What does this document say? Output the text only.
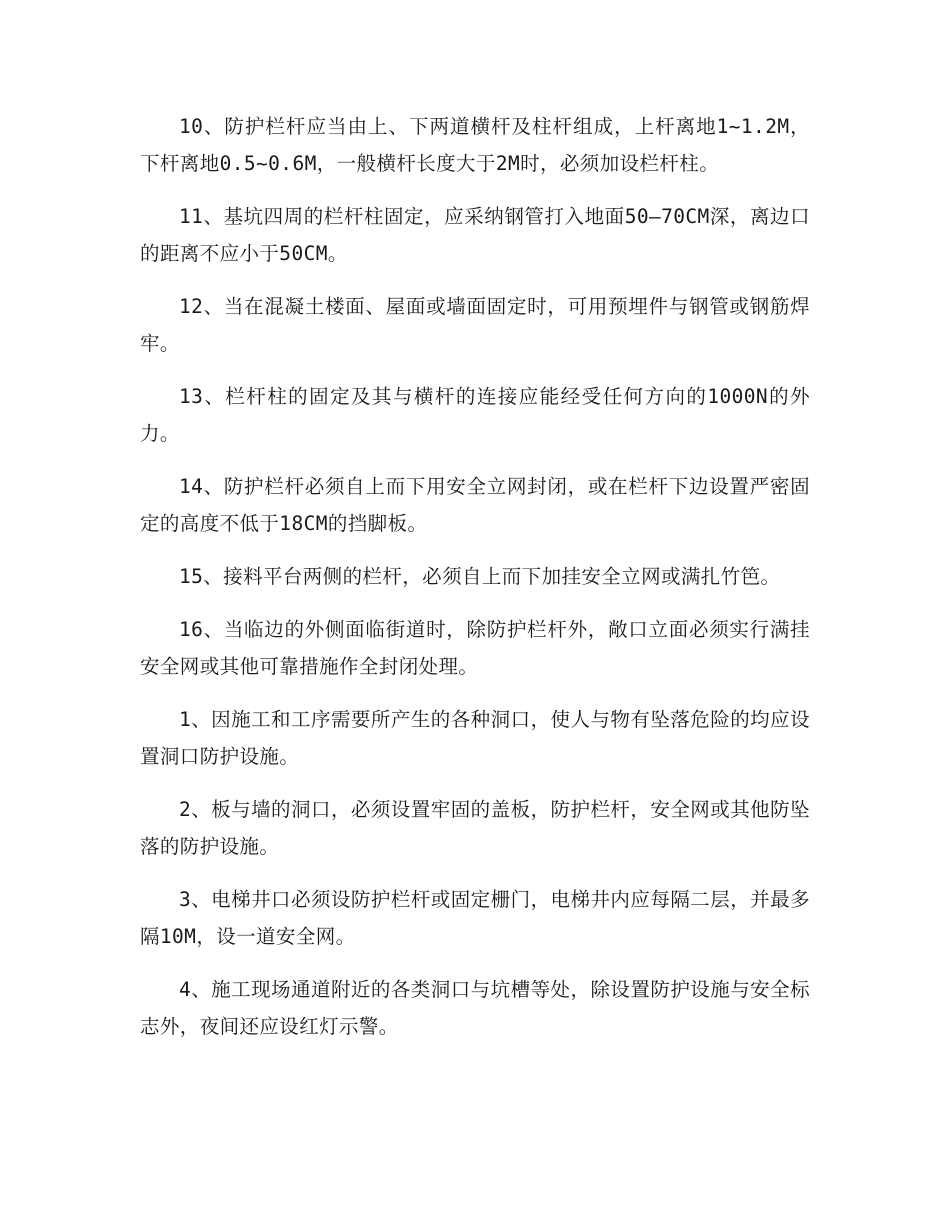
10、防护栏杆应当由上、下两道横杆及柱杆组成，上杆离地1~1.2M，下杆离地0.5~0.6M，一般横杆长度大于2M时，必须加设栏杆柱。

11、基坑四周的栏杆柱固定，应采纳钢管打入地面50—70CM深，离边口的距离不应小于50CM。

12、当在混凝土楼面、屋面或墙面固定时，可用预埋件与钢管或钢筋焊牢。

13、栏杆柱的固定及其与横杆的连接应能经受任何方向的1000N的外力。

14、防护栏杆必须自上而下用安全立网封闭，或在栏杆下边设置严密固定的高度不低于18CM的挡脚板。

15、接料平台两侧的栏杆，必须自上而下加挂安全立网或满扎竹笆。

16、当临边的外侧面临街道时，除防护栏杆外，敞口立面必须实行满挂安全网或其他可靠措施作全封闭处理。

1、因施工和工序需要所产生的各种洞口，使人与物有坠落危险的均应设置洞口防护设施。

2、板与墙的洞口，必须设置牢固的盖板，防护栏杆，安全网或其他防坠落的防护设施。

3、电梯井口必须设防护栏杆或固定栅门，电梯井内应每隔二层，并最多隔10M，设一道安全网。

4、施工现场通道附近的各类洞口与坑槽等处，除设置防护设施与安全标志外，夜间还应设红灯示警。
